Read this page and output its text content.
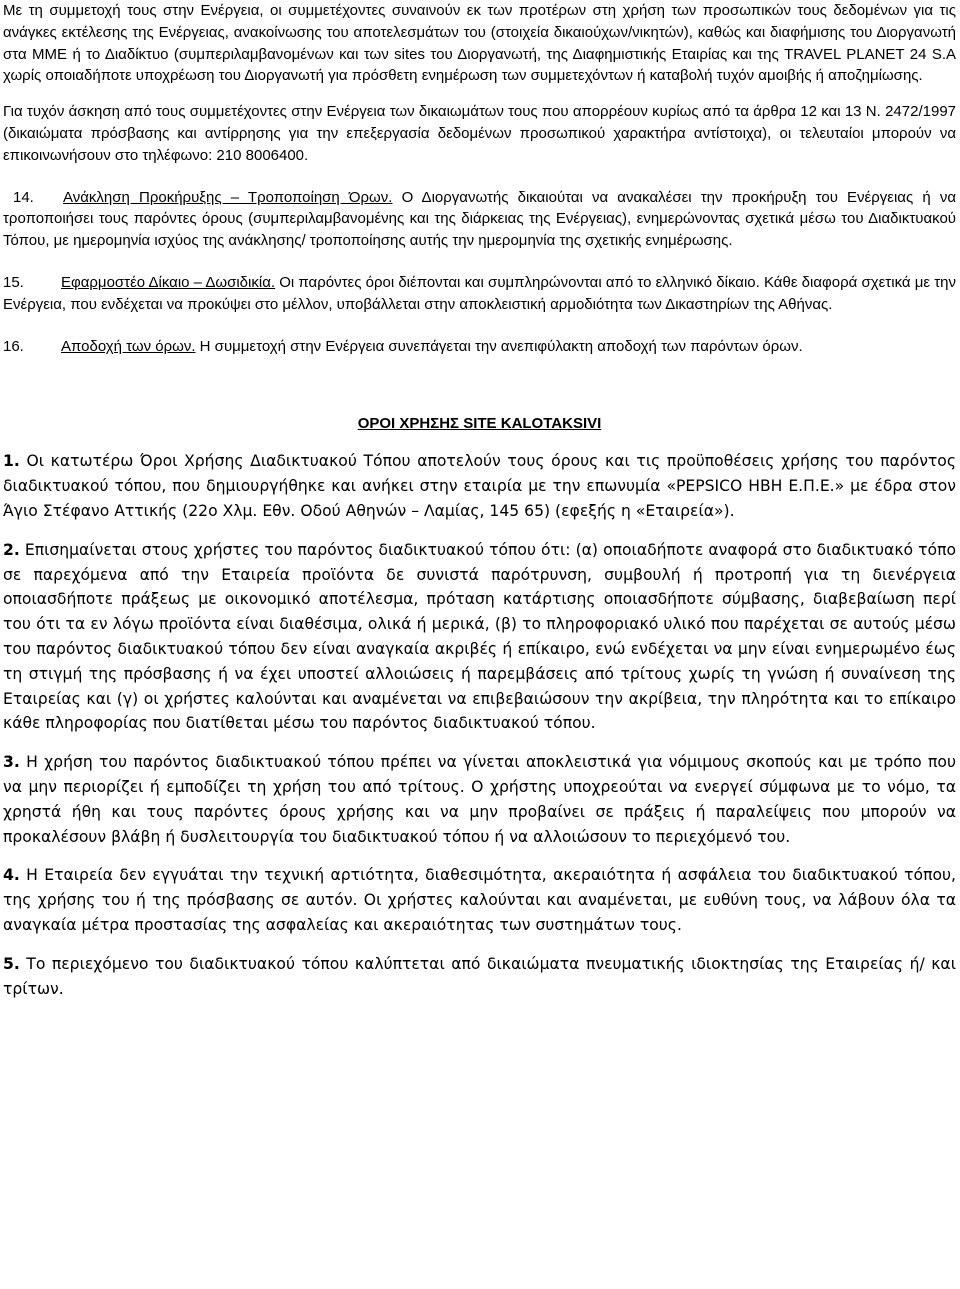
Με τη συμμετοχή τους στην Ενέργεια, οι συμμετέχοντες συναινούν εκ των προτέρων στη χρήση των προσωπικών τους δεδομένων για τις ανάγκες εκτέλεσης της Ενέργειας, ανακοίνωσης του αποτελεσμάτων του (στοιχεία δικαιούχων/νικητών), καθώς και διαφήμισης του Διοργανωτή στα ΜΜΕ ή το Διαδίκτυο (συμπεριλαμβανομένων και των sites του Διοργανωτή, της Διαφημιστικής Εταιρίας και της TRAVEL PLANET 24 S.A χωρίς οποιαδήποτε υποχρέωση του Διοργανωτή για πρόσθετη ενημέρωση των συμμετεχόντων ή καταβολή τυχόν αμοιβής ή αποζημίωσης.

Για τυχόν άσκηση από τους συμμετέχοντες στην Ενέργεια των δικαιωμάτων τους που απορρέουν κυρίως από τα άρθρα 12 και 13 Ν. 2472/1997 (δικαιώματα πρόσβασης και αντίρρησης για την επεξεργασία δεδομένων προσωπικού χαρακτήρα αντίστοιχα), οι τελευταίοι μπορούν να επικοινωνήσουν στο τηλέφωνο: 210 8006400.

14. Ανάκληση Προκήρυξης – Τροποποίηση Όρων. Ο Διοργανωτής δικαιούται να ανακαλέσει την προκήρυξη του Ενέργειας ή να τροποποιήσει τους παρόντες όρους (συμπεριλαμβανομένης και της διάρκειας της Ενέργειας), ενημερώνοντας σχετικά μέσω του Διαδικτυακού Τόπου, με ημερομηνία ισχύος της ανάκλησης/ τροποποίησης αυτής την ημερομηνία της σχετικής ενημέρωσης.

15. Εφαρμοστέο Δίκαιο – Δωσιδικία. Οι παρόντες όροι διέπονται και συμπληρώνονται από το ελληνικό δίκαιο. Κάθε διαφορά σχετικά με την Ενέργεια, που ενδέχεται να προκύψει στο μέλλον, υποβάλλεται στην αποκλειστική αρμοδιότητα των Δικαστηρίων της Αθήνας.

16. Αποδοχή των όρων. Η συμμετοχή στην Ενέργεια συνεπάγεται την ανεπιφύλακτη αποδοχή των παρόντων όρων.

ΟΡΟΙ ΧΡΗΣΗΣ SITE KALOTAKSIVI

1. Οι κατωτέρω Όροι Χρήσης Διαδικτυακού Τόπου αποτελούν τους όρους και τις προϋποθέσεις χρήσης του παρόντος διαδικτυακού τόπου, που δημιουργήθηκε και ανήκει στην εταιρία με την επωνυμία «PEPSICO ΗΒΗ Ε.Π.Ε.» με έδρα στον Άγιο Στέφανο Αττικής (22ο Χλμ. Εθν. Οδού Αθηνών – Λαμίας, 145 65) (εφεξής η «Εταιρεία»).

2. Επισημαίνεται στους χρήστες του παρόντος διαδικτυακού τόπου ότι: (α) οποιαδήποτε αναφορά στο διαδικτυακό τόπο σε παρεχόμενα από την Εταιρεία προϊόντα δε συνιστά παρότρυνση, συμβουλή ή προτροπή για τη διενέργεια οποιασδήποτε πράξεως με οικονομικό αποτέλεσμα, πρόταση κατάρτισης οποιασδήποτε σύμβασης, διαβεβαίωση περί του ότι τα εν λόγω προϊόντα είναι διαθέσιμα, ολικά ή μερικά, (β) το πληροφοριακό υλικό που παρέχεται σε αυτούς μέσω του παρόντος διαδικτυακού τόπου δεν είναι αναγκαία ακριβές ή επίκαιρο, ενώ ενδέχεται να μην είναι ενημερωμένο έως τη στιγμή της πρόσβασης ή να έχει υποστεί αλλοιώσεις ή παρεμβάσεις από τρίτους χωρίς τη γνώση ή συναίνεση της Εταιρείας και (γ) οι χρήστες καλούνται και αναμένεται να επιβεβαιώσουν την ακρίβεια, την πληρότητα και το επίκαιρο κάθε πληροφορίας που διατίθεται μέσω του παρόντος διαδικτυακού τόπου.

3. Η χρήση του παρόντος διαδικτυακού τόπου πρέπει να γίνεται αποκλειστικά για νόμιμους σκοπούς και με τρόπο που να μην περιορίζει ή εμποδίζει τη χρήση του από τρίτους. Ο χρήστης υποχρεούται να ενεργεί σύμφωνα με το νόμο, τα χρηστά ήθη και τους παρόντες όρους χρήσης και να μην προβαίνει σε πράξεις ή παραλείψεις που μπορούν να προκαλέσουν βλάβη ή δυσλειτουργία του διαδικτυακού τόπου ή να αλλοιώσουν το περιεχόμενό του.

4. Η Εταιρεία δεν εγγυάται την τεχνική αρτιότητα, διαθεσιμότητα, ακεραιότητα ή ασφάλεια του διαδικτυακού τόπου, της χρήσης του ή της πρόσβασης σε αυτόν. Οι χρήστες καλούνται και αναμένεται, με ευθύνη τους, να λάβουν όλα τα αναγκαία μέτρα προστασίας της ασφαλείας και ακεραιότητας των συστημάτων τους.

5. Το περιεχόμενο του διαδικτυακού τόπου καλύπτεται από δικαιώματα πνευματικής ιδιοκτησίας της Εταιρείας ή/ και τρίτων.
